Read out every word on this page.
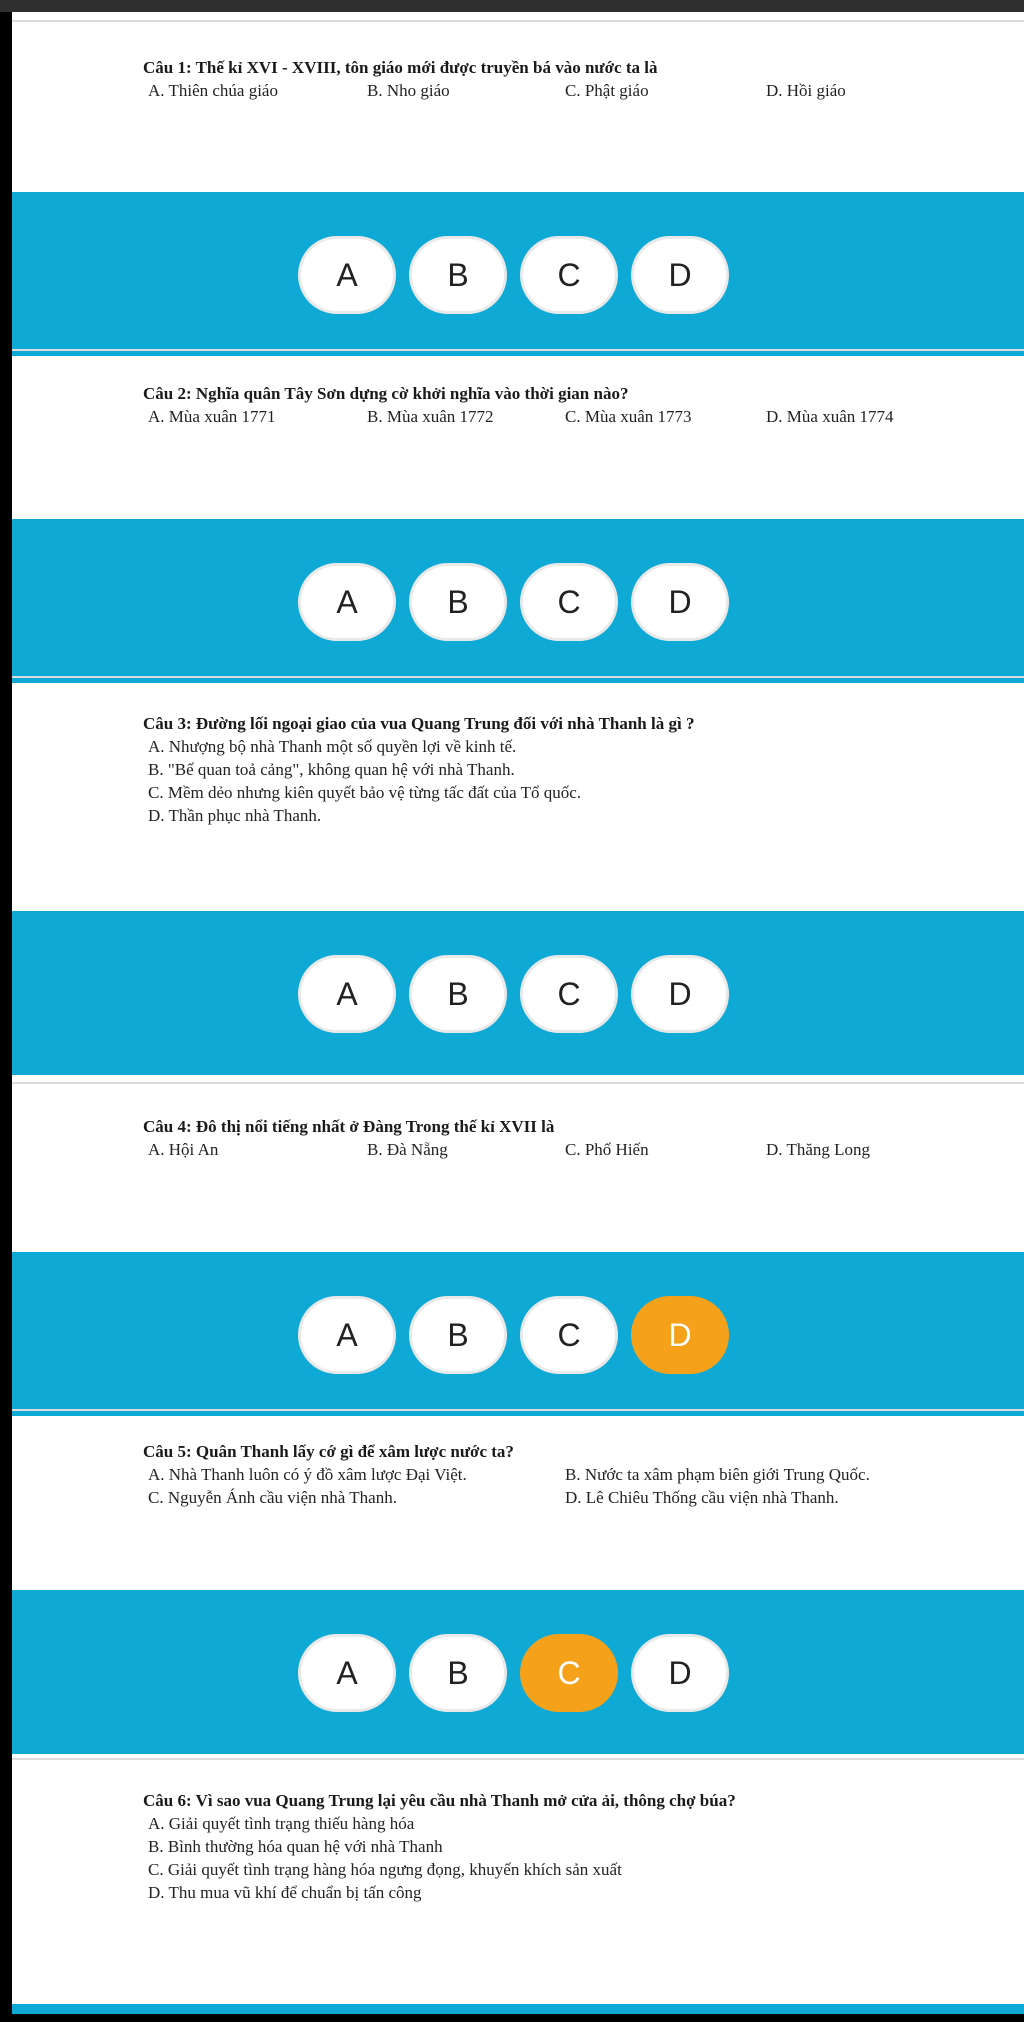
Câu 1: Thế kỉ XVI - XVIII, tôn giáo mới được truyền bá vào nước ta là
A. Thiên chúa giáo	B. Nho giáo	C. Phật giáo	D. Hồi giáo
A	B	C	D
Câu 2: Nghĩa quân Tây Sơn dựng cờ khởi nghĩa vào thời gian nào?
A. Mùa xuân 1771	B. Mùa xuân 1772	C. Mùa xuân 1773	D. Mùa xuân 1774
A	B	C	D
Câu 3: Đường lối ngoại giao của vua Quang Trung đối với nhà Thanh là gì ?
A. Nhượng bộ nhà Thanh một số quyền lợi về kinh tế.
B. "Bế quan toả cảng", không quan hệ với nhà Thanh.
C. Mềm dẻo nhưng kiên quyết bảo vệ từng tấc đất của Tổ quốc.
D. Thần phục nhà Thanh.
A	B	C	D
Câu 4: Đô thị nổi tiếng nhất ở Đàng Trong thế kỉ XVII là
A. Hội An	B. Đà Nẵng	C. Phố Hiến	D. Thăng Long
A	B	C	D
Câu 5: Quân Thanh lấy cớ gì để xâm lược nước ta?
A. Nhà Thanh luôn có ý đồ xâm lược Đại Việt.	B. Nước ta xâm phạm biên giới Trung Quốc.
C. Nguyễn Ánh cầu viện nhà Thanh.	D. Lê Chiêu Thống cầu viện nhà Thanh.
A	B	C	D
Câu 6: Vì sao vua Quang Trung lại yêu cầu nhà Thanh mở cửa ải, thông chợ búa?
A. Giải quyết tình trạng thiếu hàng hóa
B. Bình thường hóa quan hệ với nhà Thanh
C. Giải quyết tình trạng hàng hóa ngưng đọng, khuyến khích sản xuất
D. Thu mua vũ khí để chuẩn bị tấn công
